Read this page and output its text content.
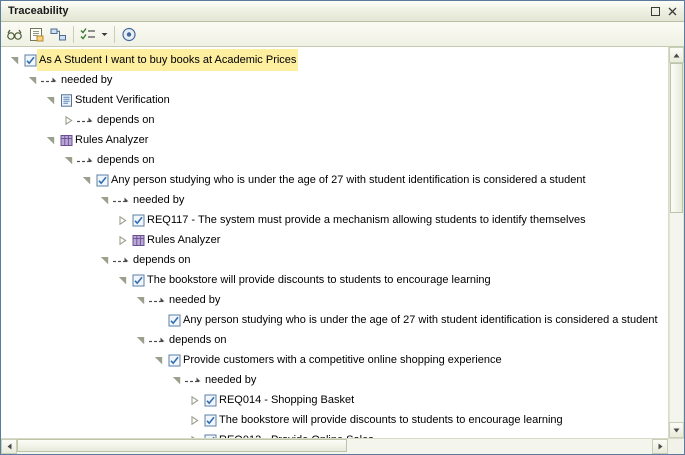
Traceability
As A Student I want to buy books at Academic Prices
needed by
Student Verification
depends on
Rules Analyzer
depends on
Any person studying who is under the age of 27 with student identification is considered a student
needed by
REQ117 - The system must provide a mechanism allowing students to identify themselves
Rules Analyzer
depends on
The bookstore will provide discounts to students to encourage learning
needed by
Any person studying who is under the age of 27 with student identification is considered a student
depends on
Provide customers with a competitive online shopping experience
needed by
REQ014 - Shopping Basket
The bookstore will provide discounts to students to encourage learning
